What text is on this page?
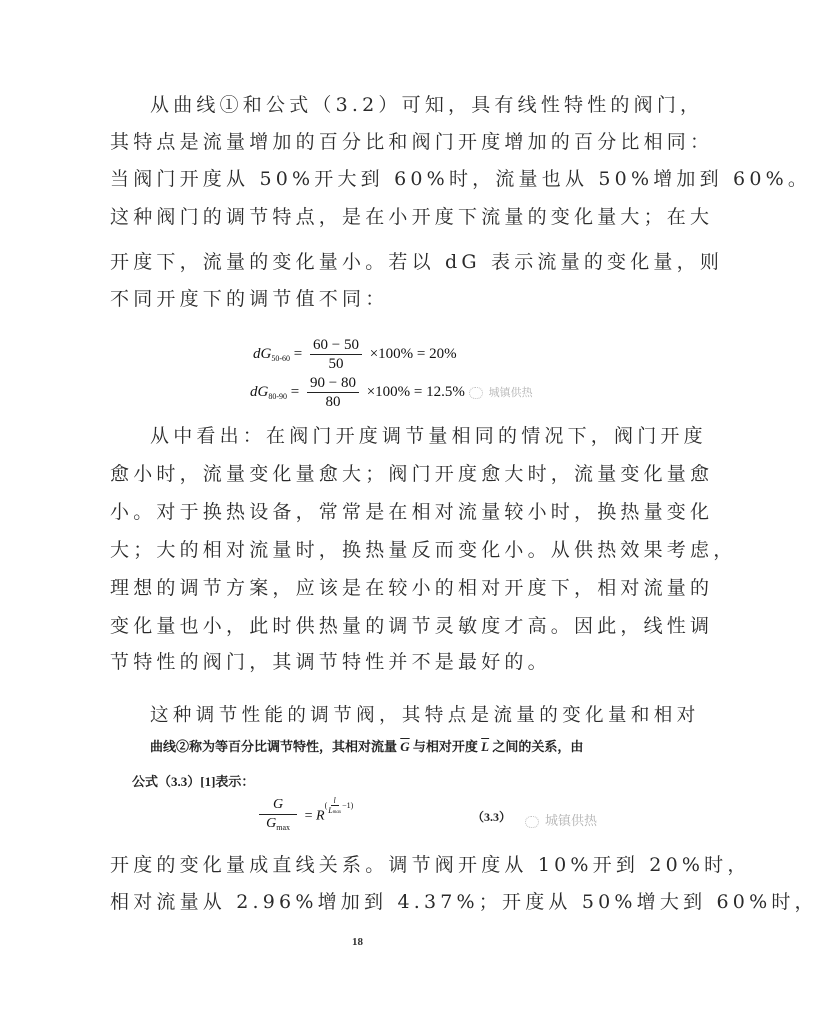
从曲线①和公式（3.2）可知，具有线性特性的阀门，
其特点是流量增加的百分比和阀门开度增加的百分比相同：
当阀门开度从 50%开大到 60%时，流量也从 50%增加到 60%。
这种阀门的调节特点，是在小开度下流量的变化量大；在大
开度下，流量的变化量小。若以 dG 表示流量的变化量，则
不同开度下的调节值不同：
$dG_{50-60} = \frac{60 - 50}{50} \times 100\% = 20\%$
$dG_{80-90} = \frac{90 - 80}{80} \times 100\% = 12.5\%$ 城镇供热
从中看出：在阀门开度调节量相同的情况下，阀门开度
愈小时，流量变化量愈大；阀门开度愈大时，流量变化量愈
小。对于换热设备，常常是在相对流量较小时，换热量变化
大；大的相对流量时，换热量反而变化小。从供热效果考虑，
理想的调节方案，应该是在较小的相对开度下，相对流量的
变化量也小，此时供热量的调节灵敏度才高。因此，线性调
节特性的阀门，其调节特性并不是最好的。
这种调节性能的调节阀，其特点是流量的变化量和相对
曲线②称为等百分比调节特性，其相对流量 $\overline{G}$ 与相对开度 $\overline{L}$ 之间的关系，由
公式（3.3）[1]表示：
$\frac{G}{G_{max}} = R^{( \frac{l}{Lmax} -1)}$
（3.3）	城镇供热
开度的变化量成直线关系。调节阀开度从 10%开到 20%时，
相对流量从 2.96%增加到 4.37%；开度从 50%增大到 60%时，
18
